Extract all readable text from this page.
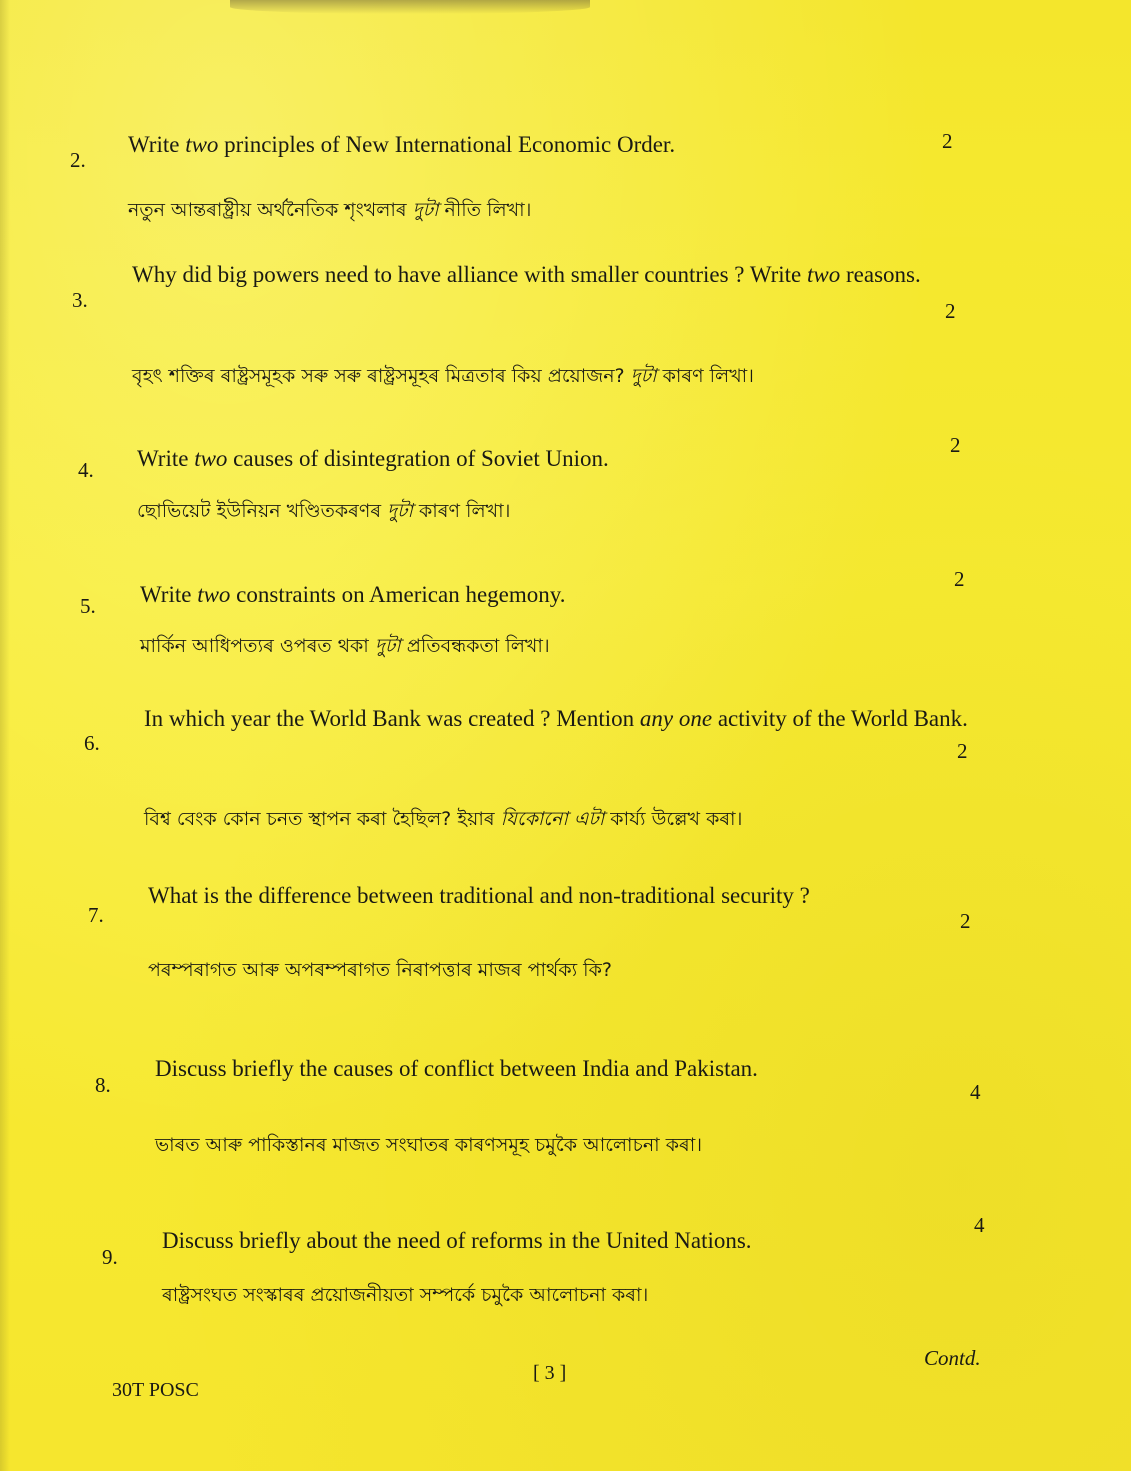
2.
Write two principles of New International Economic Order.	2
নতুন আন্তৰাষ্ট্ৰীয় অৰ্থনৈতিক শৃংখলাৰ দুটা নীতি লিখা।
3.
Why did big powers need to have alliance with smaller countries ? Write two reasons.
2
বৃহৎ শক্তিৰ ৰাষ্ট্ৰসমূহক সৰু সৰু ৰাষ্ট্ৰসমূহৰ মিত্ৰতাৰ কিয় প্ৰয়োজন? দুটা কাৰণ লিখা।
4. Write two causes of disintegration of Soviet Union.
2
ছোভিয়েট ইউনিয়ন খণ্ডিতকৰণৰ দুটা কাৰণ লিখা।
5. Write two constraints on American hegemony.
2
মাৰ্কিন আধিপত্যৰ ওপৰত থকা দুটা প্ৰতিবন্ধকতা লিখা।
6.
In which year the World Bank was created ? Mention any one activity of the World Bank.
2
বিশ্ব বেংক কোন চনত স্থাপন কৰা হৈছিল? ইয়াৰ যিকোনো এটা কাৰ্য্য উল্লেখ কৰা।
7.
What is the difference between traditional and non-traditional security ?
2
পৰম্পৰাগত আৰু অপৰম্পৰাগত নিৰাপত্তাৰ মাজৰ পাৰ্থক্য কি?
8.
Discuss briefly the causes of conflict between India and Pakistan.
4
ভাৰত আৰু পাকিস্তানৰ মাজত সংঘাতৰ কাৰণসমূহ চমুকৈ আলোচনা কৰা।
9.
Discuss briefly about the need of reforms in the United Nations.
4
ৰাষ্ট্ৰসংঘত সংস্কাৰৰ প্ৰয়োজনীয়তা সম্পৰ্কে চমুকৈ আলোচনা কৰা।
30T POSC
[ 3 ]
Contd.
